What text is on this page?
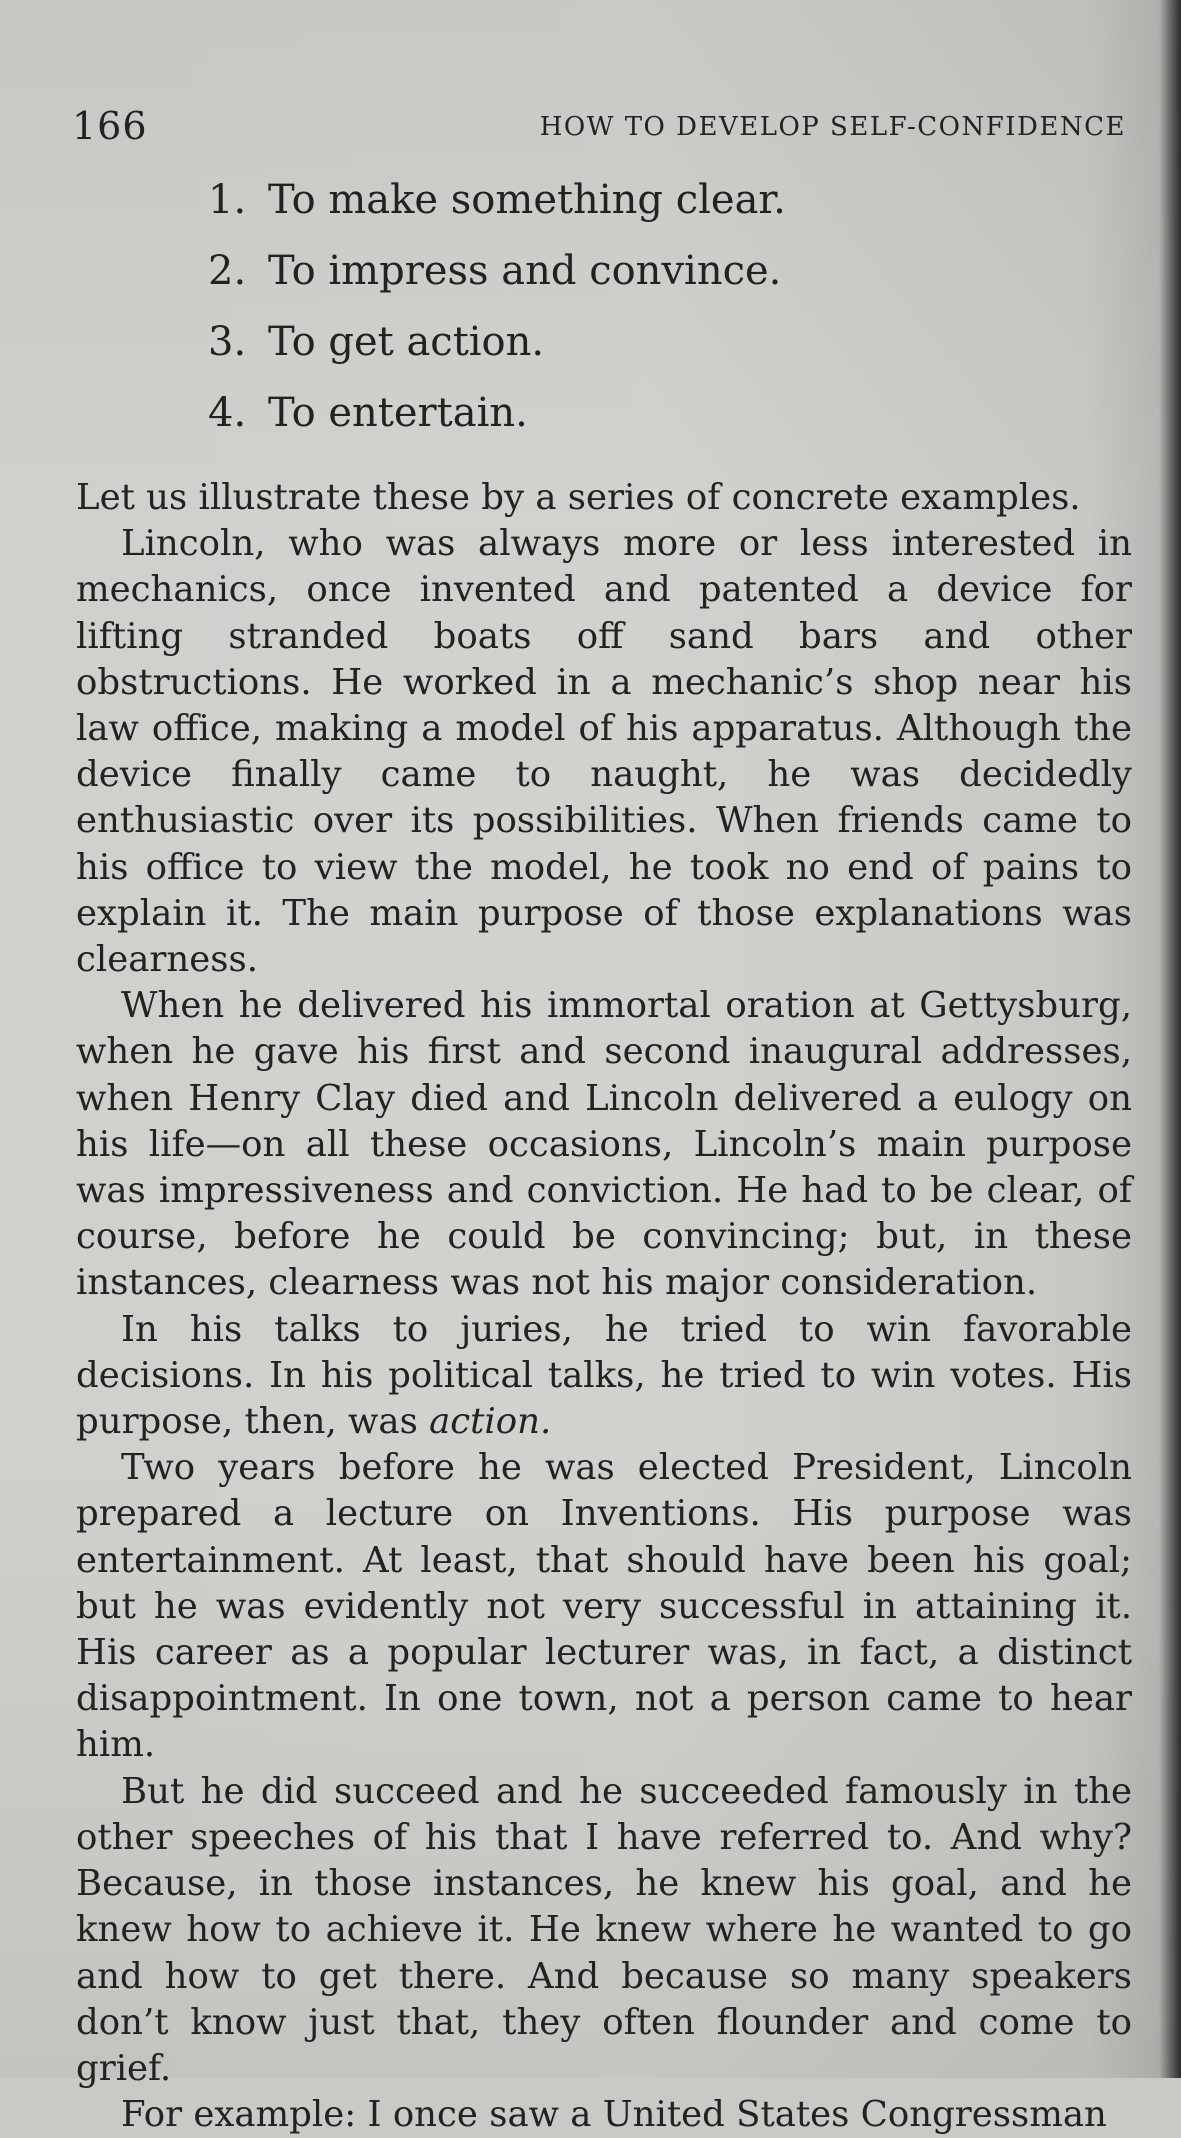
166	HOW TO DEVELOP SELF-CONFIDENCE
1. To make something clear.
2. To impress and convince.
3. To get action.
4. To entertain.

Let us illustrate these by a series of concrete examples.

Lincoln, who was always more or less interested in mechanics, once invented and patented a device for lifting stranded boats off sand bars and other obstructions. He worked in a mechanic’s shop near his law office, making a model of his apparatus. Although the device finally came to naught, he was decidedly enthusiastic over its possibilities. When friends came to his office to view the model, he took no end of pains to explain it. The main purpose of those explanations was clearness.

When he delivered his immortal oration at Gettysburg, when he gave his first and second inaugural addresses, when Henry Clay died and Lincoln delivered a eulogy on his life—on all these occasions, Lincoln’s main purpose was impressiveness and conviction. He had to be clear, of course, before he could be convincing; but, in these instances, clearness was not his major consideration.

In his talks to juries, he tried to win favorable decisions. In his political talks, he tried to win votes. His purpose, then, was action.

Two years before he was elected President, Lincoln prepared a lecture on Inventions. His purpose was entertainment. At least, that should have been his goal; but he was evidently not very successful in attaining it. His career as a popular lecturer was, in fact, a distinct disappointment. In one town, not a person came to hear him.

But he did succeed and he succeeded famously in the other speeches of his that I have referred to. And why? Because, in those instances, he knew his goal, and he knew how to achieve it. He knew where he wanted to go and how to get there. And because so many speakers don’t know just that, they often flounder and come to grief.

For example: I once saw a United States Congressman
